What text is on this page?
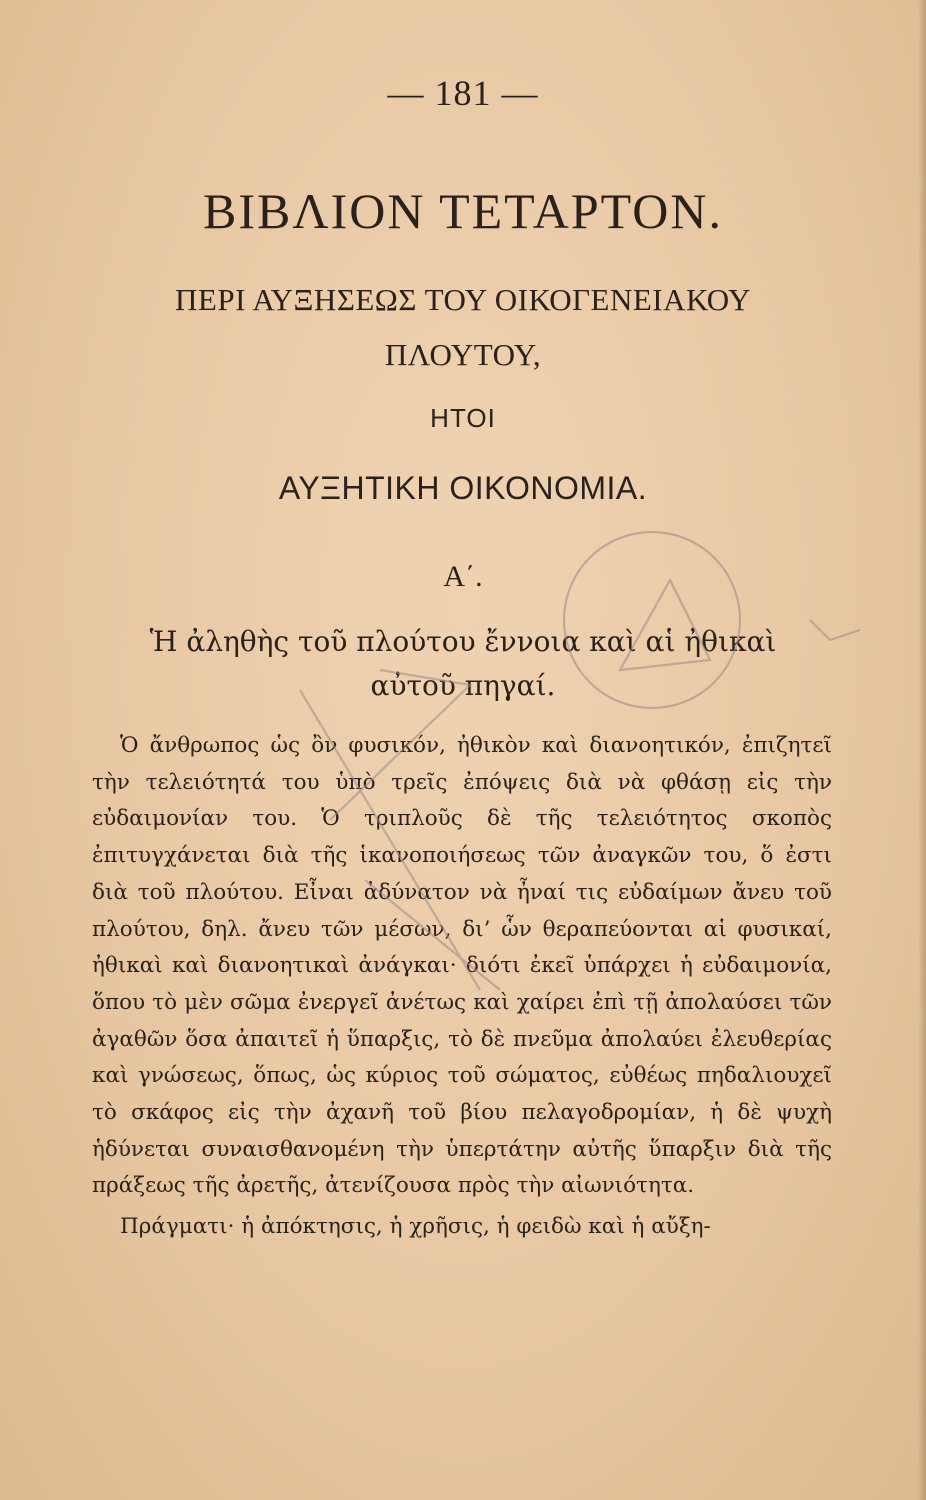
— 181 —
ΒΙΒΛΙΟΝ ΤΕΤΑΡΤΟΝ.
ΠΕΡΙ ΑΥΞΗΣΕΩΣ ΤΟΥ ΟΙΚΟΓΕΝΕΙΑΚΟΥ
ΠΛΟΥΤΟΥ,
ΗΤΟΙ
ΑΥΞΗΤΙΚΗ ΟΙΚΟΝΟΜΙΑ.
Α΄.
Ἡ ἀληθὴς τοῦ πλούτου ἔννοια καὶ αἱ ἠθικαὶ
αὐτοῦ πηγαί.

Ὁ ἄνθρωπος ὡς ὂν φυσικόν, ἠθικὸν καὶ διανοητικόν, ἐπιζητεῖ τὴν τελειότητά του ὑπὸ τρεῖς ἐπόψεις διὰ νὰ φθάσῃ εἰς τὴν εὐδαιμονίαν του. Ὁ τριπλοῦς δὲ τῆς τελειότητος σκοπὸς ἐπιτυγχάνεται διὰ τῆς ἱκανοποιήσεως τῶν ἀναγκῶν του, ὅ ἐστι διὰ τοῦ πλούτου. Εἶναι ἀδύνατον νὰ ἦναί τις εὐδαίμων ἄνευ τοῦ πλούτου, δηλ. ἄνευ τῶν μέσων, δι’ ὧν θεραπεύονται αἱ φυσικαί, ἠθικαὶ καὶ διανοητικαὶ ἀνάγκαι· διότι ἐκεῖ ὑπάρχει ἡ εὐδαιμονία, ὅπου τὸ μὲν σῶμα ἐνεργεῖ ἀνέτως καὶ χαίρει ἐπὶ τῇ ἀπολαύσει τῶν ἀγαθῶν ὅσα ἀπαιτεῖ ἡ ὕπαρξις, τὸ δὲ πνεῦμα ἀπολαύει ἐλευθερίας καὶ γνώσεως, ὅπως, ὡς κύριος τοῦ σώματος, εὐθέως πηδαλιουχεῖ τὸ σκάφος εἰς τὴν ἀχανῆ τοῦ βίου πελαγοδρομίαν, ἡ δὲ ψυχὴ ἡδύνεται συναισθανομένη τὴν ὑπερτάτην αὐτῆς ὕπαρξιν διὰ τῆς πράξεως τῆς ἀρετῆς, ἀτενίζουσα πρὸς τὴν αἰωνιότητα.

Πράγματι· ἡ ἀπόκτησις, ἡ χρῆσις, ἡ φειδὼ καὶ ἡ αὔξη-
